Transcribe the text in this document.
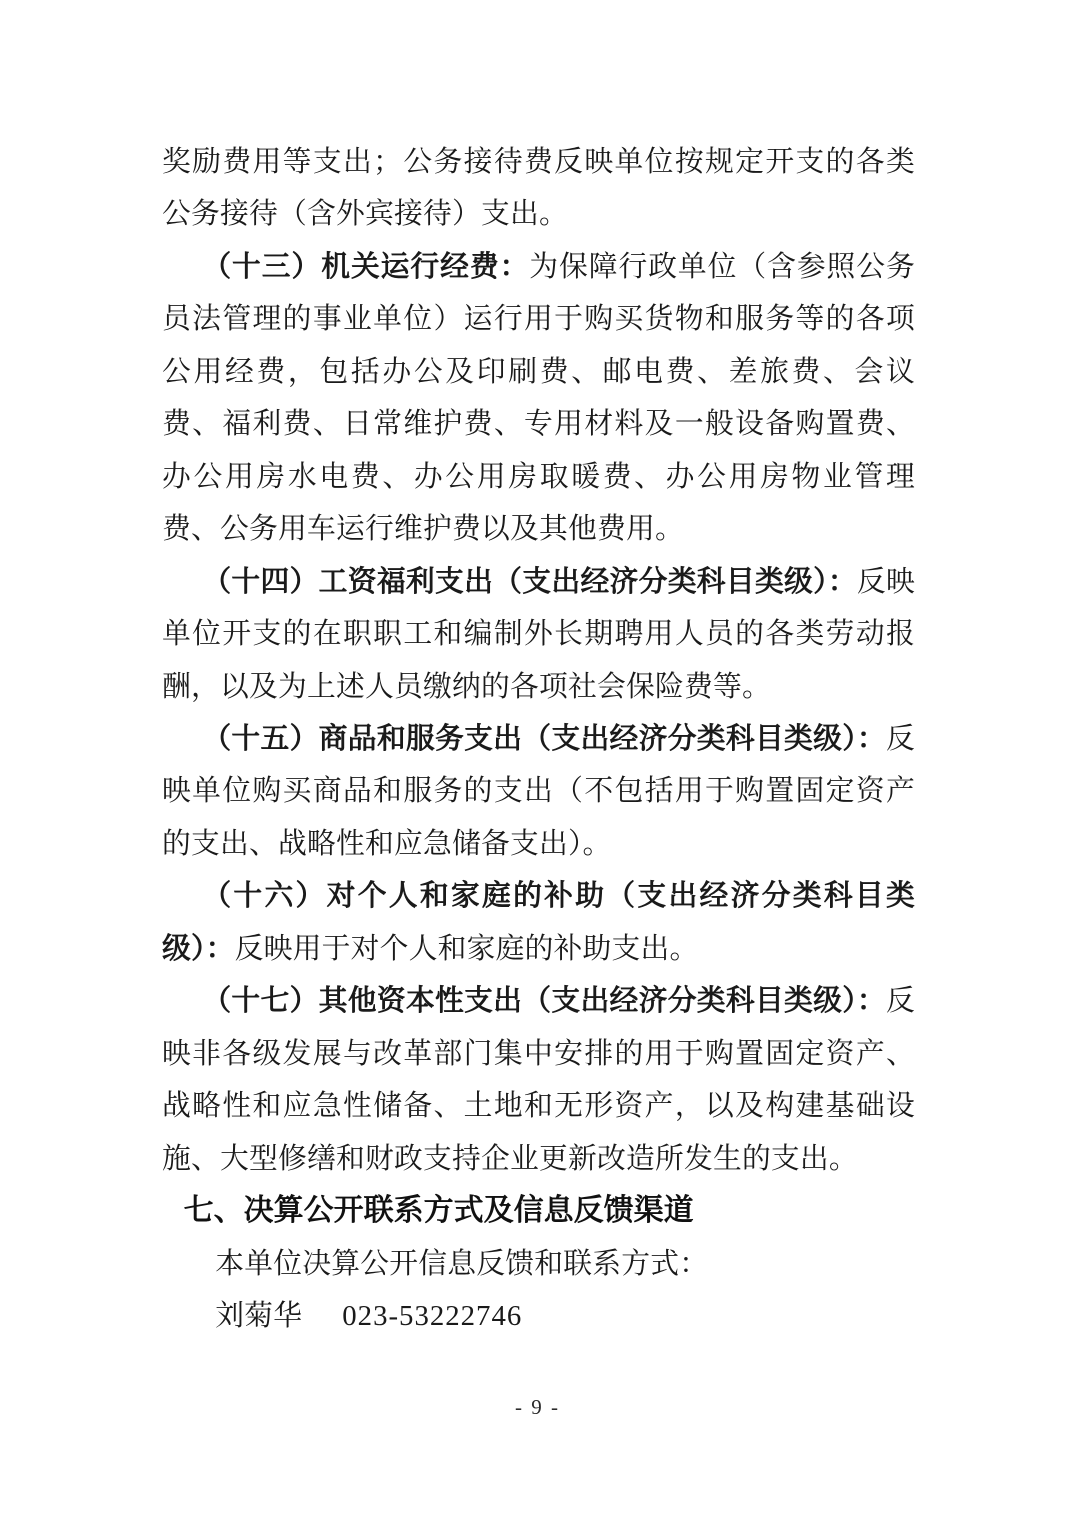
奖励费用等支出；公务接待费反映单位按规定开支的各类公务接待（含外宾接待）支出。

（十三）机关运行经费：为保障行政单位（含参照公务员法管理的事业单位）运行用于购买货物和服务等的各项公用经费，包括办公及印刷费、邮电费、差旅费、会议费、福利费、日常维护费、专用材料及一般设备购置费、办公用房水电费、办公用房取暖费、办公用房物业管理费、公务用车运行维护费以及其他费用。

（十四）工资福利支出（支出经济分类科目类级）：反映单位开支的在职职工和编制外长期聘用人员的各类劳动报酬，以及为上述人员缴纳的各项社会保险费等。

（十五）商品和服务支出（支出经济分类科目类级）：反映单位购买商品和服务的支出（不包括用于购置固定资产的支出、战略性和应急储备支出）。

（十六）对个人和家庭的补助（支出经济分类科目类级）：反映用于对个人和家庭的补助支出。

（十七）其他资本性支出（支出经济分类科目类级）：反映非各级发展与改革部门集中安排的用于购置固定资产、战略性和应急性储备、土地和无形资产，以及构建基础设施、大型修缮和财政支持企业更新改造所发生的支出。

七、决算公开联系方式及信息反馈渠道

本单位决算公开信息反馈和联系方式：

刘菊华 023-53222746

- 9 -
